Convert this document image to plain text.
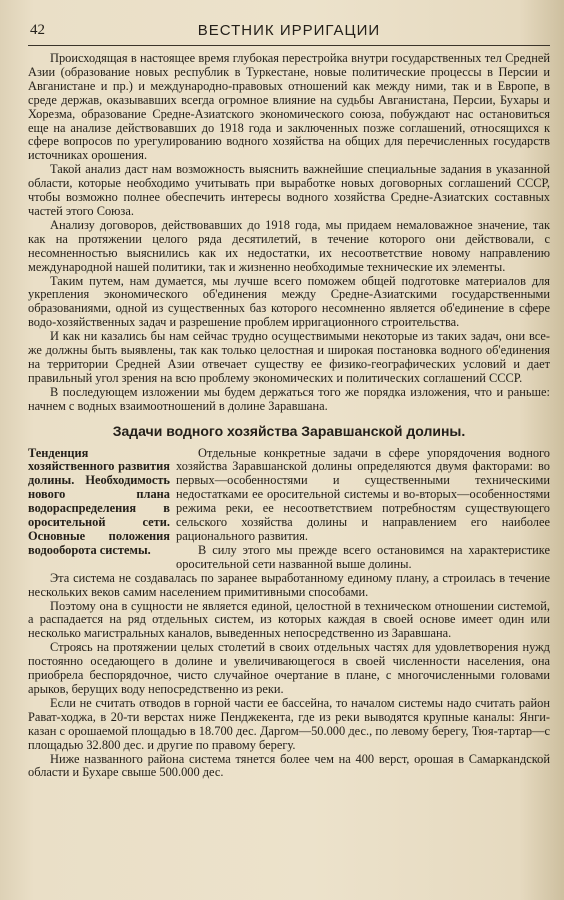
42	ВЕСТНИК ИРРИГАЦИИ

Происходящая в настоящее время глубокая перестройка внутри государственных тел Средней Азии (образование новых республик в Туркестане, новые политические процессы в Персии и Авганистане и пр.) и международно-правовых отношений как между ними, так и в Европе, в среде держав, оказывавших всегда огромное влияние на судьбы Авганистана, Персии, Бухары и Хорезма, образование Средне-Азиатского экономического союза, побуждают нас остановиться еще на анализе действовавших до 1918 года и заключенных позже соглашений, относящихся к сфере вопросов по урегулированию водного хозяйства на общих для перечисленных государств источниках орошения.

Такой анализ даст нам возможность выяснить важнейшие специальные задания в указанной области, которые необходимо учитывать при выработке новых договорных соглашений СССР, чтобы возможно полнее обеспечить интересы водного хозяйства Средне-Азиатских составных частей этого Союза.

Анализу договоров, действовавших до 1918 года, мы придаем немаловажное значение, так как на протяжении целого ряда десятилетий, в течение которого они действовали, с несомненностью выяснились как их недостатки, их несоответствие новому направлению международной нашей политики, так и жизненно необходимые технические их элементы.

Таким путем, нам думается, мы лучше всего поможем общей подготовке материалов для укрепления экономического об'единения между Средне-Азиатскими государственными образованиями, одной из существенных баз которого несомненно является об'единение в сфере водо-хозяйственных задач и разрешение проблем ирригационного строительства.

И как ни казались бы нам сейчас трудно осуществимыми некоторые из таких задач, они все-же должны быть выявлены, так как только целостная и широкая постановка водного об'единения на территории Средней Азии отвечает существу ее физико-географических условий и дает правильный угол зрения на всю проблему экономических и политических соглашений СССР.

В последующем изложении мы будем держаться того же порядка изложения, что и раньше: начнем с водных взаимоотношений в долине Заравшана.

Задачи водного хозяйства Заравшанской долины.
Тенденция хозяйственного развития долины. Необходимость нового плана водораспределения в оросительной сети. Основные положения водооборота системы.

Отдельные конкретные задачи в сфере упорядочения водного хозяйства Заравшанской долины определяются двумя факторами: во первых—особенностями и существенными техническими недостатками ее оросительной системы и во-вторых—особенностями режима реки, ее несоответствием потребностям существующего сельского хозяйства долины и направлением его наиболее рационального развития.

В силу этого мы прежде всего остановимся на характеристике оросительной сети названной выше долины.

Эта система не создавалась по заранее выработанному единому плану, а строилась в течение нескольких веков самим населением примитивными способами.

Поэтому она в сущности не является единой, целостной в техническом отношении системой, а распадается на ряд отдельных систем, из которых каждая в своей основе имеет один или несколько магистральных каналов, выведенных непосредственно из Заравшана.

Строясь на протяжении целых столетий в своих отдельных частях для удовлетворения нужд постоянно оседающего в долине и увеличивающегося в своей численности населения, она приобрела беспорядочное, чисто случайное очертание в плане, с многочисленными головами арыков, берущих воду непосредственно из реки.

Если не считать отводов в горной части ее бассейна, то началом системы надо считать район Рават-ходжа, в 20-ти верстах ниже Пенджекента, где из реки выводятся крупные каналы: Янги-казан с орошаемой площадью в 18.700 дес. Даргом—50.000 дес., по левому берегу, Тюя-тартар—с площадью 32.800 дес. и другие по правому берегу.

Ниже названного района система тянется более чем на 400 верст, орошая в Самаркандской области и Бухаре свыше 500.000 дес.
